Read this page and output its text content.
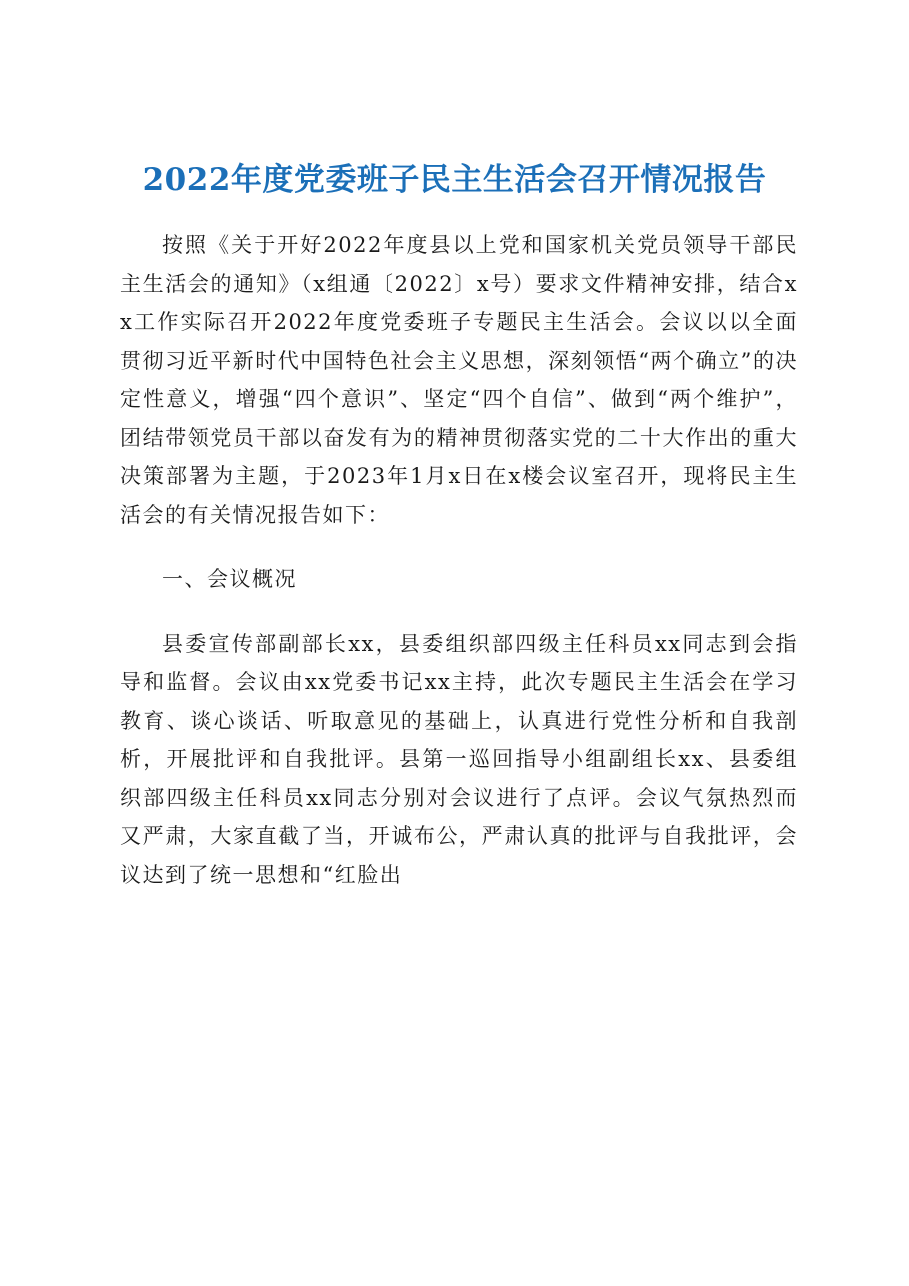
2022年度党委班子民主生活会召开情况报告

按照《关于开好2022年度县以上党和国家机关党员领导干部民主生活会的通知》（x组通〔2022〕x号）要求文件精神安排，结合xx工作实际召开2022年度党委班子专题民主生活会。会议以以全面贯彻习近平新时代中国特色社会主义思想，深刻领悟“两个确立”的决定性意义，增强“四个意识”、坚定“四个自信”、做到“两个维护”，团结带领党员干部以奋发有为的精神贯彻落实党的二十大作出的重大决策部署为主题，于2023年1月x日在x楼会议室召开，现将民主生活会的有关情况报告如下：

一、会议概况

县委宣传部副部长xx，县委组织部四级主任科员xx同志到会指导和监督。会议由xx党委书记xx主持，此次专题民主生活会在学习教育、谈心谈话、听取意见的基础上，认真进行党性分析和自我剖析，开展批评和自我批评。县第一巡回指导小组副组长xx、县委组织部四级主任科员xx同志分别对会议进行了点评。会议气氛热烈而又严肃，大家直截了当，开诚布公，严肃认真的批评与自我批评，会议达到了统一思想和“红脸出
